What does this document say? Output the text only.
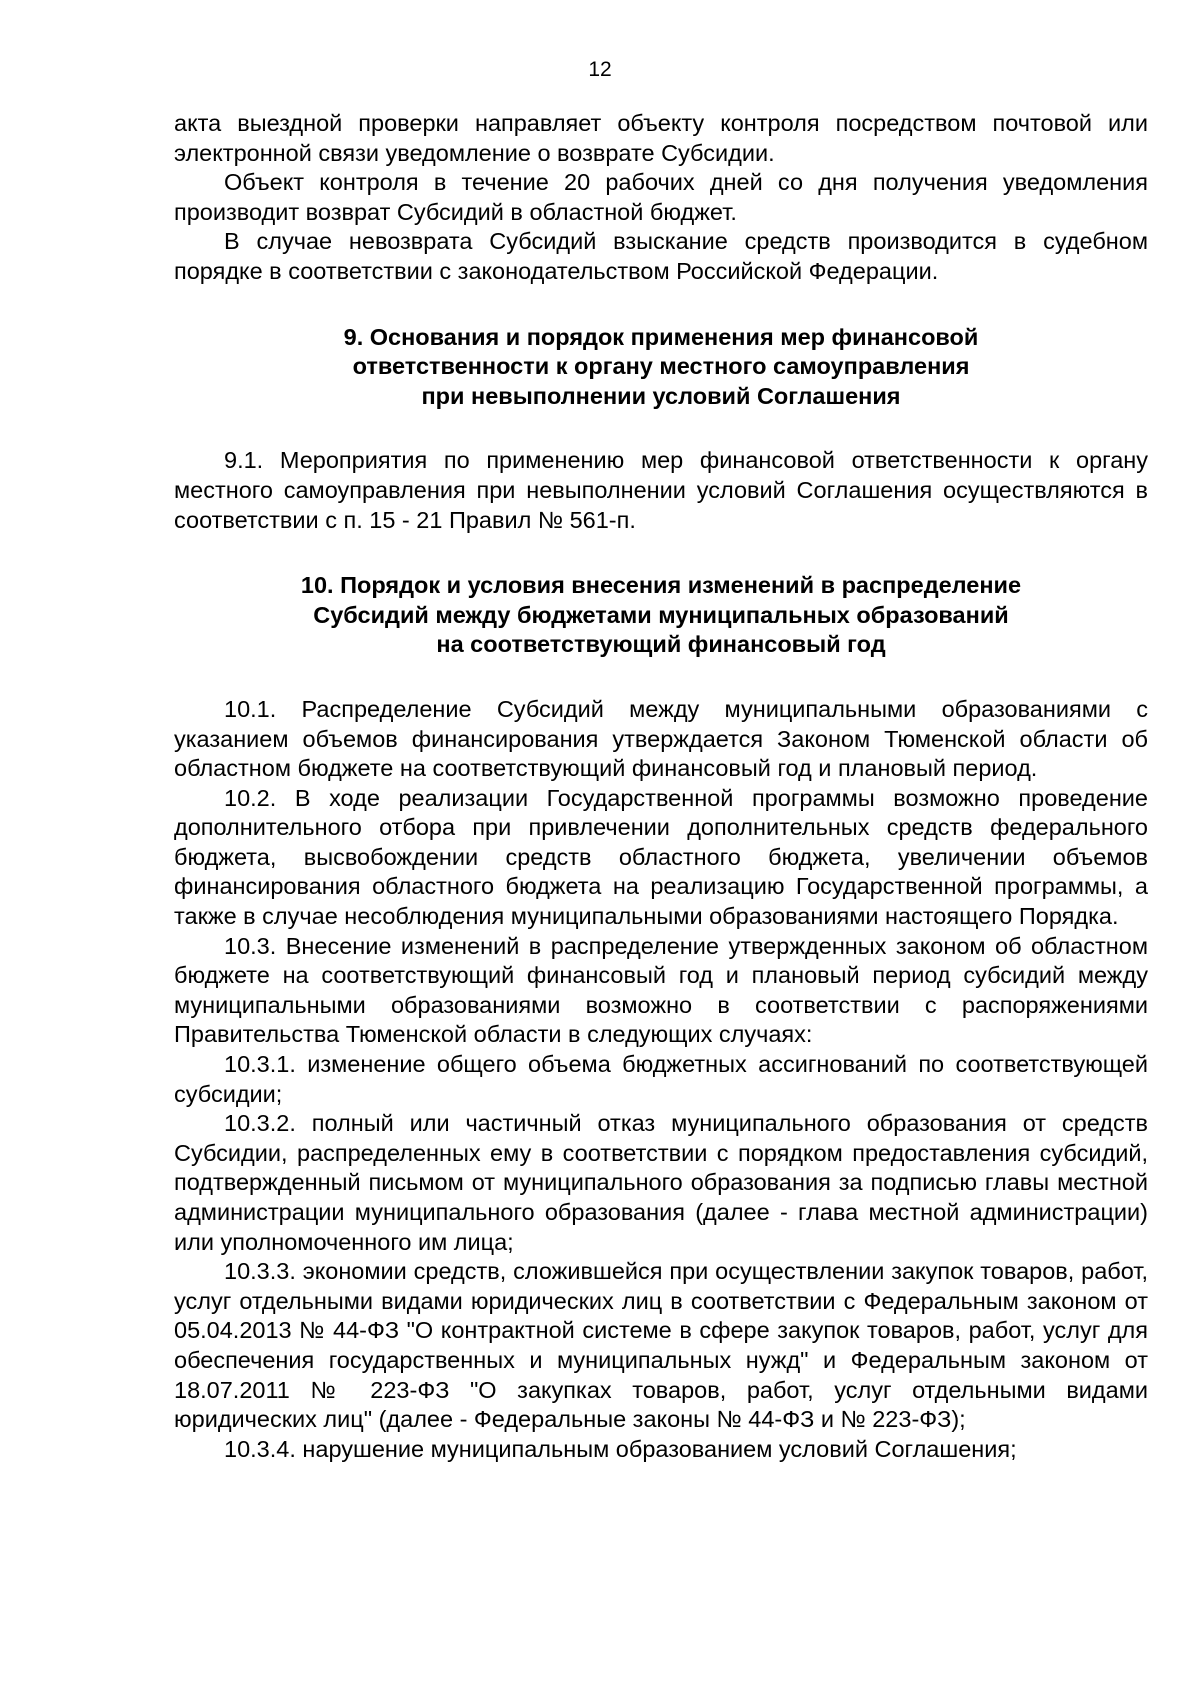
12

акта выездной проверки направляет объекту контроля посредством почтовой или электронной связи уведомление о возврате Субсидии.

Объект контроля в течение 20 рабочих дней со дня получения уведомления производит возврат Субсидий в областной бюджет.

В случае невозврата Субсидий взыскание средств производится в судебном порядке в соответствии с законодательством Российской Федерации.

9. Основания и порядок применения мер финансовой
ответственности к органу местного самоуправления
при невыполнении условий Соглашения

9.1. Мероприятия по применению мер финансовой ответственности к органу местного самоуправления при невыполнении условий Соглашения осуществляются в соответствии с п. 15 - 21 Правил № 561-п.

10. Порядок и условия внесения изменений в распределение
Субсидий между бюджетами муниципальных образований
на соответствующий финансовый год

10.1. Распределение Субсидий между муниципальными образованиями с указанием объемов финансирования утверждается Законом Тюменской области об областном бюджете на соответствующий финансовый год и плановый период.

10.2. В ходе реализации Государственной программы возможно проведение дополнительного отбора при привлечении дополнительных средств федерального бюджета, высвобождении средств областного бюджета, увеличении объемов финансирования областного бюджета на реализацию Государственной программы, а также в случае несоблюдения муниципальными образованиями настоящего Порядка.

10.3. Внесение изменений в распределение утвержденных законом об областном бюджете на соответствующий финансовый год и плановый период субсидий между муниципальными образованиями возможно в соответствии с распоряжениями Правительства Тюменской области в следующих случаях:

10.3.1. изменение общего объема бюджетных ассигнований по соответствующей субсидии;

10.3.2. полный или частичный отказ муниципального образования от средств Субсидии, распределенных ему в соответствии с порядком предоставления субсидий, подтвержденный письмом от муниципального образования за подписью главы местной администрации муниципального образования (далее - глава местной администрации) или уполномоченного им лица;

10.3.3. экономии средств, сложившейся при осуществлении закупок товаров, работ, услуг отдельными видами юридических лиц в соответствии с Федеральным законом от 05.04.2013 № 44-ФЗ "О контрактной системе в сфере закупок товаров, работ, услуг для обеспечения государственных и муниципальных нужд" и Федеральным законом от 18.07.2011 № 223-ФЗ "О закупках товаров, работ, услуг отдельными видами юридических лиц" (далее - Федеральные законы № 44-ФЗ и № 223-ФЗ);

10.3.4. нарушение муниципальным образованием условий Соглашения;
